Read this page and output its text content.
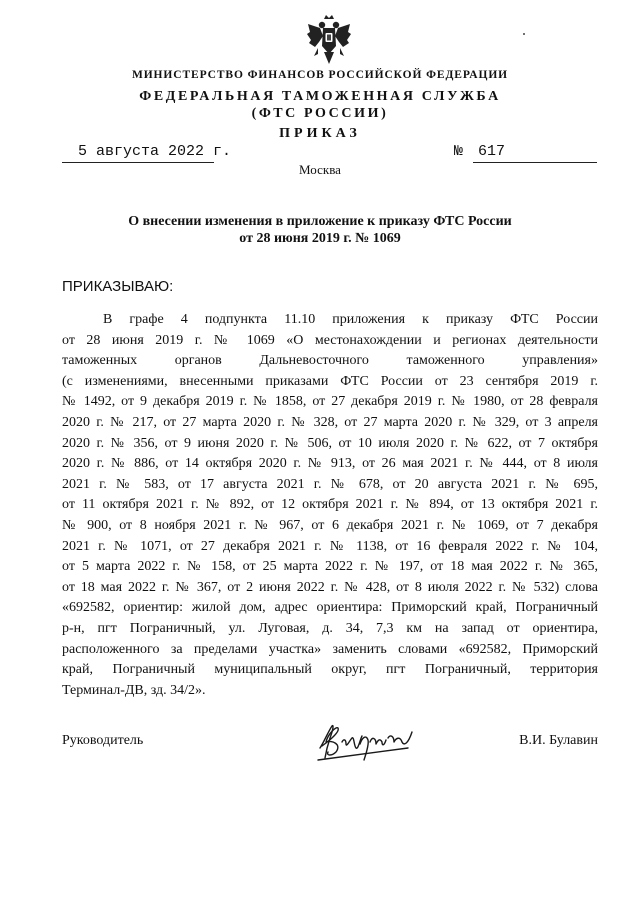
МИНИСТЕРСТВО ФИНАНСОВ РОССИЙСКОЙ ФЕДЕРАЦИИ
ФЕДЕРАЛЬНАЯ ТАМОЖЕННАЯ СЛУЖБА
(ФТС РОССИИ)
ПРИКАЗ
5 августа 2022 г.	№ 617
Москва
О внесении изменения в приложение к приказу ФТС России
от 28 июня 2019 г. № 1069
ПРИКАЗЫВАЮ:
В графе 4 подпункта 11.10 приложения к приказу ФТС России
от 28 июня 2019 г. № 1069 «О местонахождении и регионах деятельности
таможенных органов Дальневосточного таможенного управления»
(с изменениями, внесенными приказами ФТС России от 23 сентября 2019 г.
№ 1492, от 9 декабря 2019 г. № 1858, от 27 декабря 2019 г. № 1980, от 28 февраля
2020 г. № 217, от 27 марта 2020 г. № 328, от 27 марта 2020 г. № 329, от 3 апреля
2020 г. № 356, от 9 июня 2020 г. № 506, от 10 июля 2020 г. № 622, от 7 октября
2020 г. № 886, от 14 октября 2020 г. № 913, от 26 мая 2021 г. № 444, от 8 июля
2021 г. № 583, от 17 августа 2021 г. № 678, от 20 августа 2021 г. № 695,
от 11 октября 2021 г. № 892, от 12 октября 2021 г. № 894, от 13 октября 2021 г.
№ 900, от 8 ноября 2021 г. № 967, от 6 декабря 2021 г. № 1069, от 7 декабря
2021 г. № 1071, от 27 декабря 2021 г. № 1138, от 16 февраля 2022 г. № 104,
от 5 марта 2022 г. № 158, от 25 марта 2022 г. № 197, от 18 мая 2022 г. № 365,
от 18 мая 2022 г. № 367, от 2 июня 2022 г. № 428, от 8 июля 2022 г. № 532) слова
«692582, ориентир: жилой дом, адрес ориентира: Приморский край, Пограничный
р-н, пгт Пограничный, ул. Луговая, д. 34, 7,3 км на запад от ориентира,
расположенного за пределами участка» заменить словами «692582, Приморский
край, Пограничный муниципальный округ, пгт Пограничный, территория
Терминал-ДВ, зд. 34/2».
Руководитель	В.И. Булавин
